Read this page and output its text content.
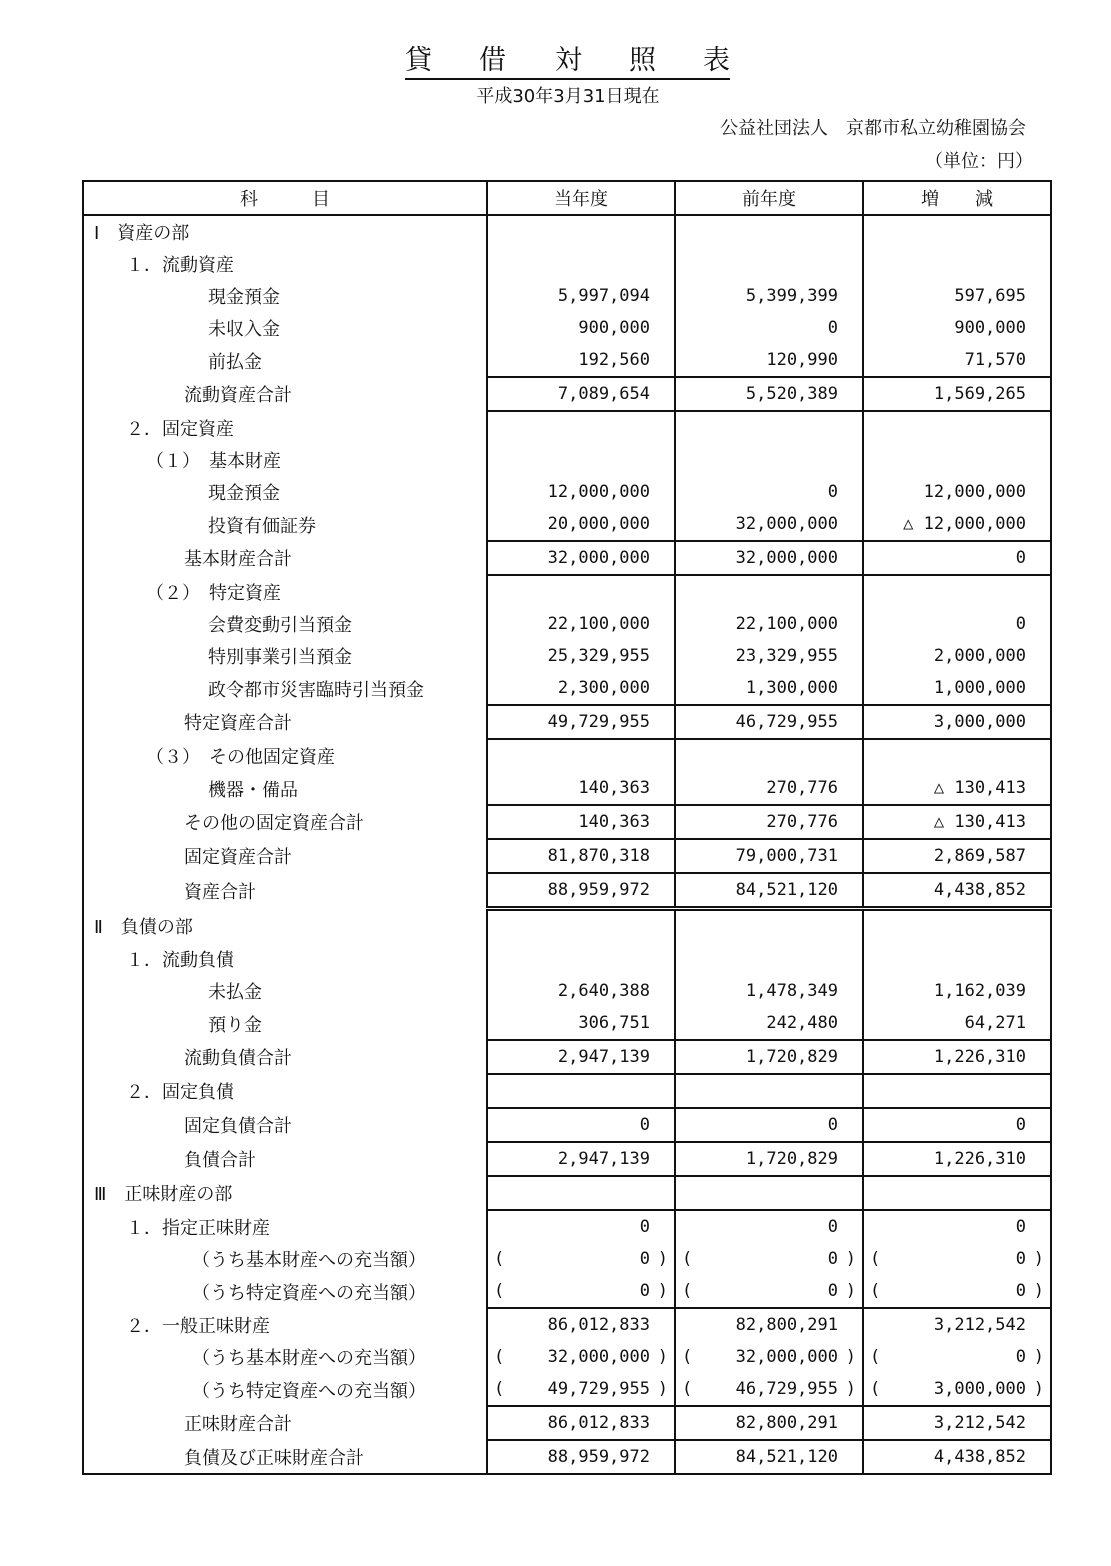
貸 借 対 照 表
平成30年3月31日現在
公益社団法人　京都市私立幼稚園協会
（単位：円）
科　　　目	当年度	前年度	増　　減
Ⅰ　資産の部			
１．流動資産			
現金預金	5,997,094	5,399,399	597,695
未収入金	900,000	0	900,000
前払金	192,560	120,990	71,570
流動資産合計	7,089,654	5,520,389	1,569,265
２．固定資産			
（１）　基本財産			
現金預金	12,000,000	0	12,000,000
投資有価証券	20,000,000	32,000,000	△ 12,000,000
基本財産合計	32,000,000	32,000,000	0
（２）　特定資産			
会費変動引当預金	22,100,000	22,100,000	0
特別事業引当預金	25,329,955	23,329,955	2,000,000
政令都市災害臨時引当預金	2,300,000	1,300,000	1,000,000
特定資産合計	49,729,955	46,729,955	3,000,000
（３）　その他固定資産			
機器・備品	140,363	270,776	△ 130,413
その他の固定資産合計	140,363	270,776	△ 130,413
固定資産合計	81,870,318	79,000,731	2,869,587
資産合計	88,959,972	84,521,120	4,438,852
Ⅱ　負債の部			
１．流動負債			
未払金	2,640,388	1,478,349	1,162,039
預り金	306,751	242,480	64,271
流動負債合計	2,947,139	1,720,829	1,226,310
２．固定負債			
固定負債合計	0	0	0
負債合計	2,947,139	1,720,829	1,226,310
Ⅲ　正味財産の部			
１．指定正味財産	0	0	0
（うち基本財産への充当額）	( 0 )	( 0 )	( 0 )

（うち特定資産への充当額）	( 0 )	( 0 )	( 0 )

２．一般正味財産	86,012,833	82,800,291	3,212,542
（うち基本財産への充当額）	( 32,000,000 )	( 32,000,000 )	( 0 )

（うち特定資産への充当額）	( 49,729,955 )	( 46,729,955 )	( 3,000,000 )

正味財産合計	86,012,833	82,800,291	3,212,542
負債及び正味財産合計	88,959,972	84,521,120	4,438,852
